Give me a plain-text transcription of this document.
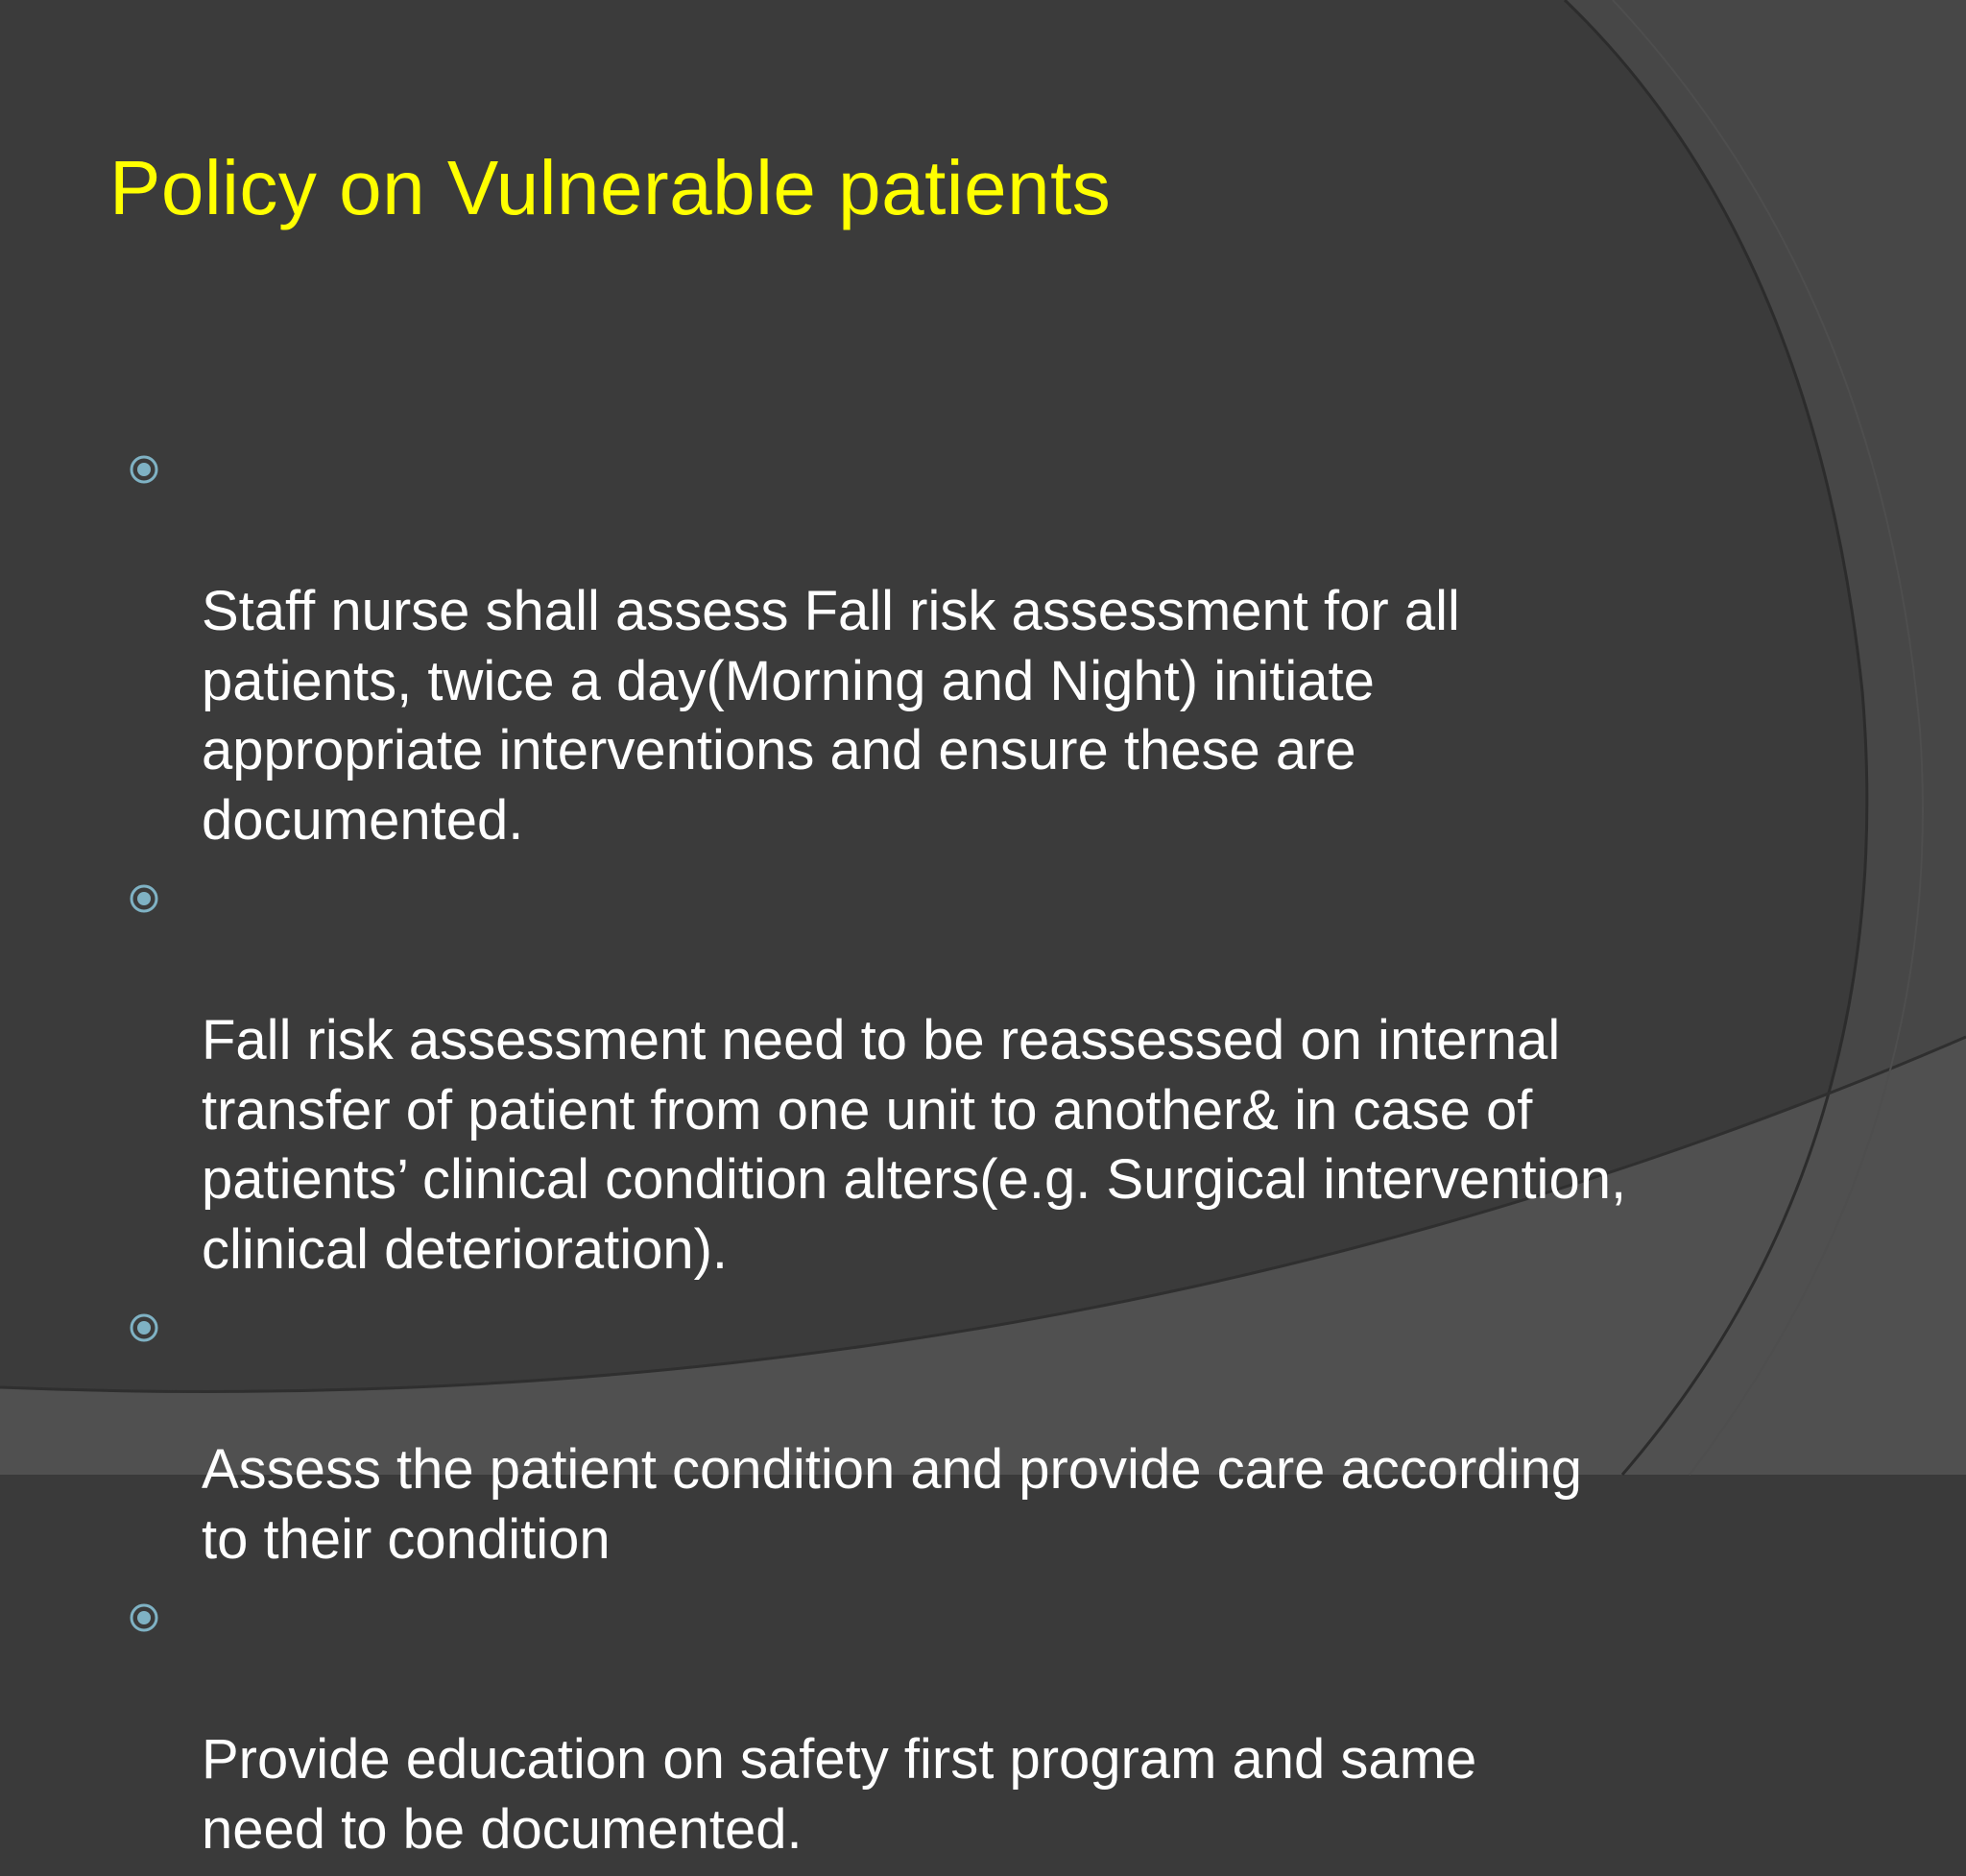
Policy on Vulnerable patients

Staff nurse shall assess Fall risk assessment for all
patients, twice a day(Morning and Night) initiate
appropriate interventions and ensure these are
documented.

Fall risk assessment need to be reassessed on internal
transfer of patient from one unit to another& in case of
patients’ clinical condition alters(e.g. Surgical intervention,
clinical deterioration).

Assess the patient condition and provide care according
to their condition

Provide education on safety first program and same
need to be documented.
